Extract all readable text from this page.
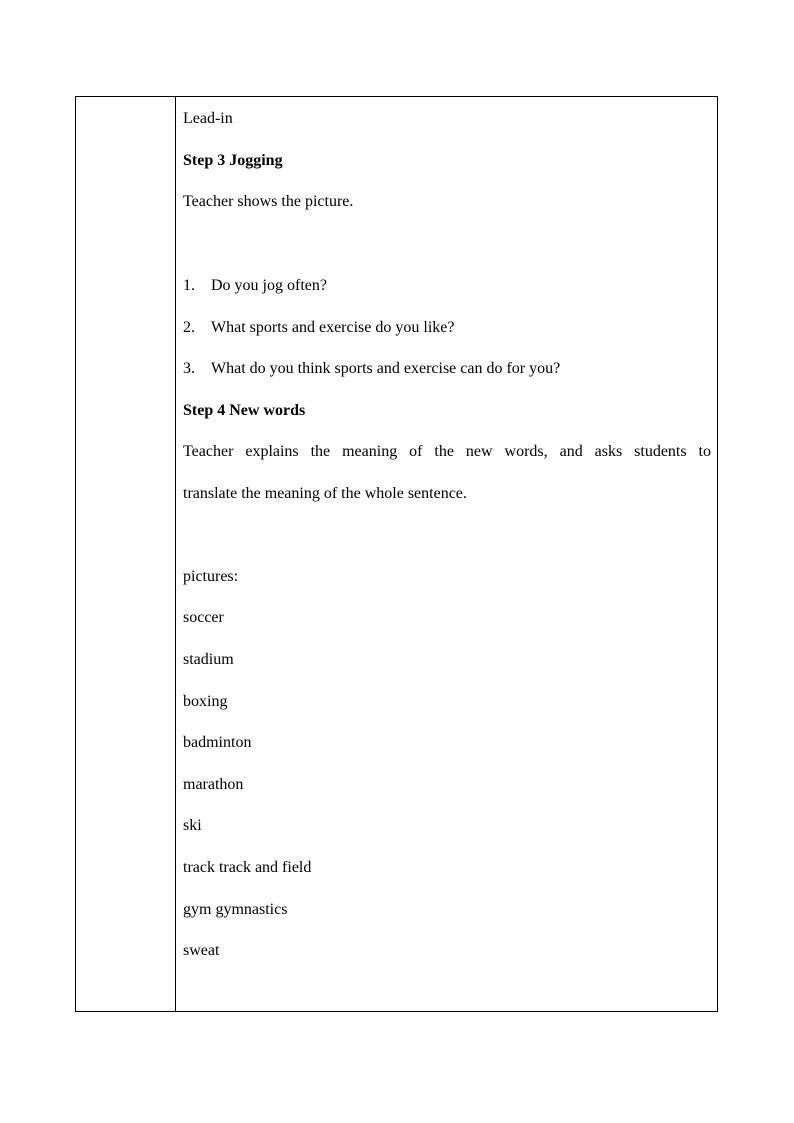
Lead-in
Step 3 Jogging
Teacher shows the picture.
1. Do you jog often?
2. What sports and exercise do you like?
3. What do you think sports and exercise can do for you?
Step 4 New words
Teacher explains the meaning of the new words, and asks students to
translate the meaning of the whole sentence.
pictures:
soccer
stadium
boxing
badminton
marathon
ski
track track and field
gym gymnastics
sweat
